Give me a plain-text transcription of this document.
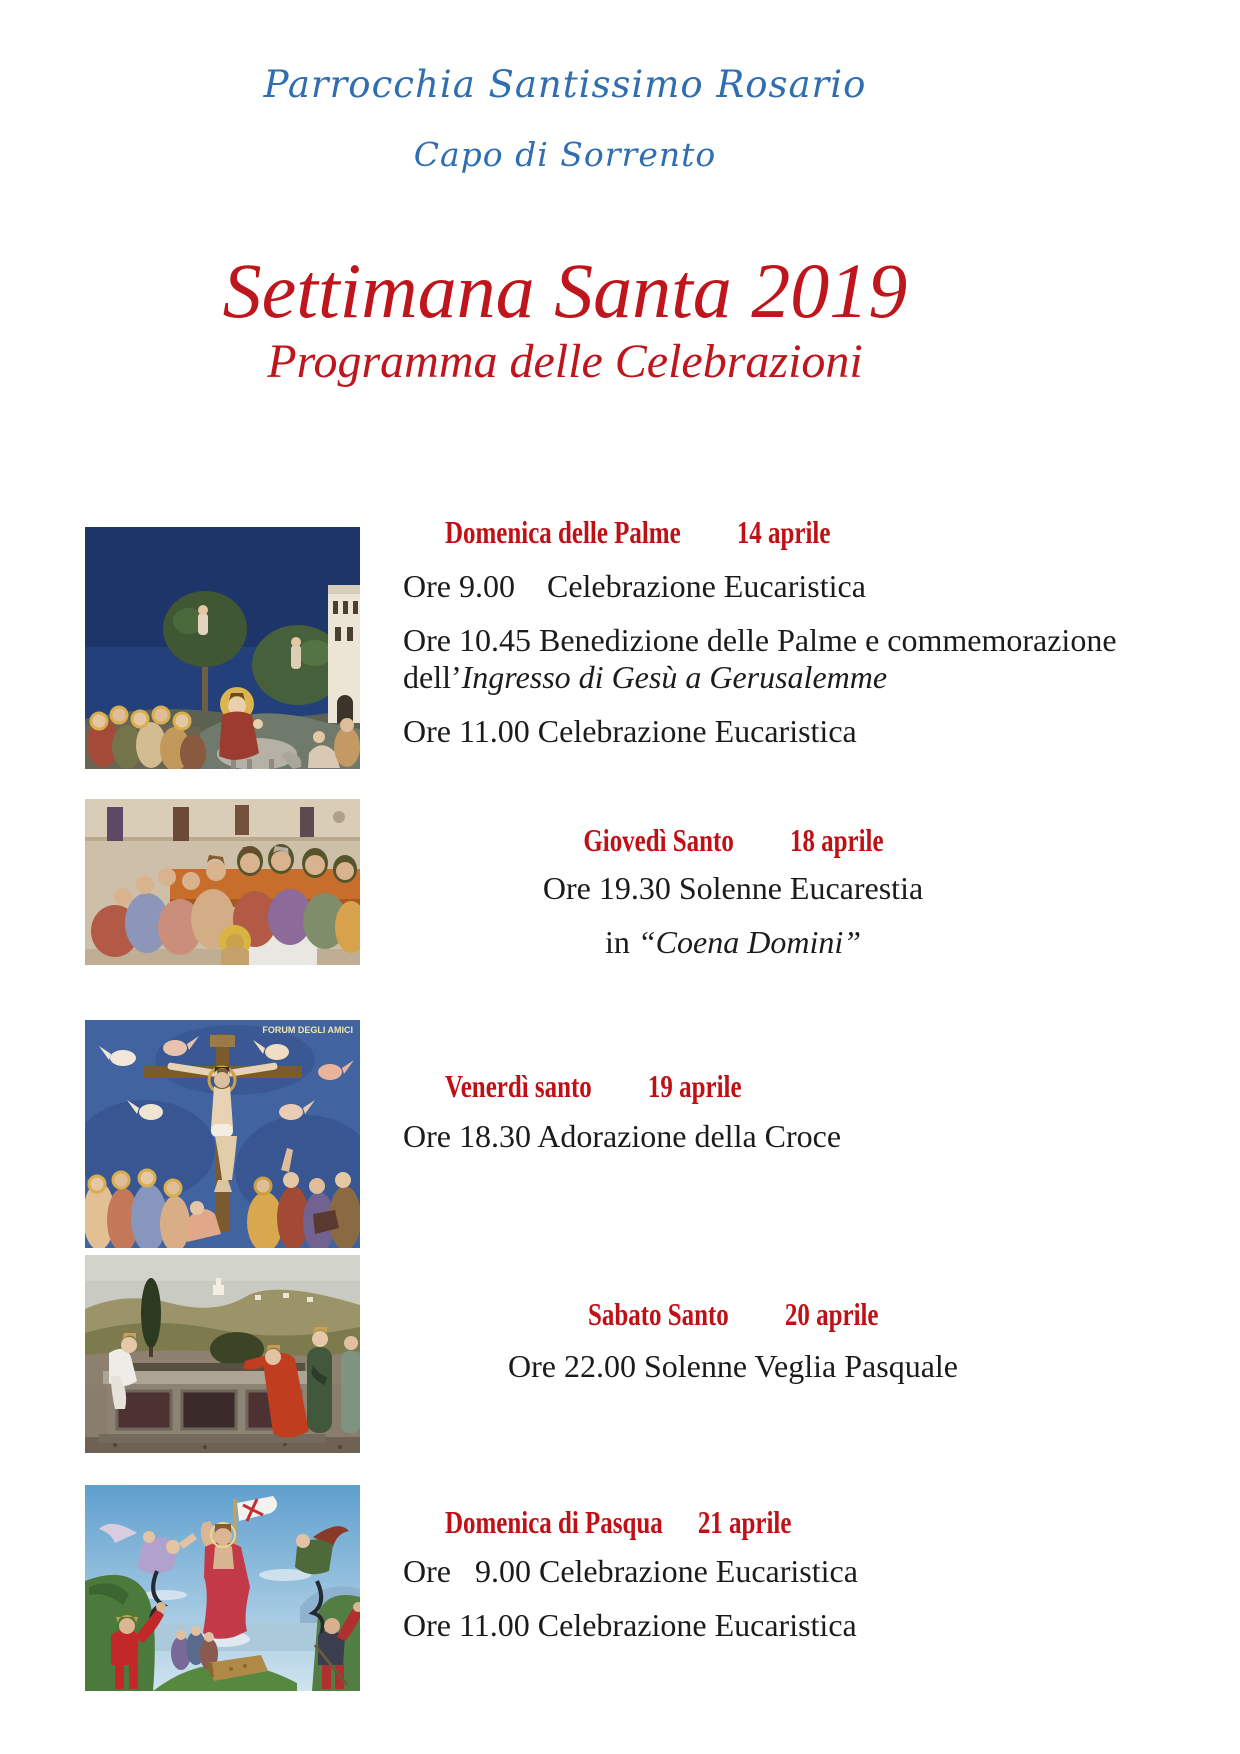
Parrocchia Santissimo Rosario
Capo di Sorrento
Settimana Santa 2019
Programma delle Celebrazioni
Domenica delle Palme 14 aprile

Ore 9.00    Celebrazione Eucaristica

Ore 10.45 Benedizione delle Palme e commemorazione dell’Ingresso di Gesù a Gerusalemme

Ore 11.00 Celebrazione Eucaristica

Giovedì Santo 18 aprile

Ore 19.30 Solenne Eucarestia

in “Coena Domini”

FORUM DEGLI AMICI
Venerdì santo 19 aprile

Ore 18.30 Adorazione della Croce

Sabato Santo 20 aprile

Ore 22.00 Solenne Veglia Pasquale

Domenica di Pasqua 21 aprile

Ore   9.00 Celebrazione Eucaristica

Ore 11.00 Celebrazione Eucaristica
